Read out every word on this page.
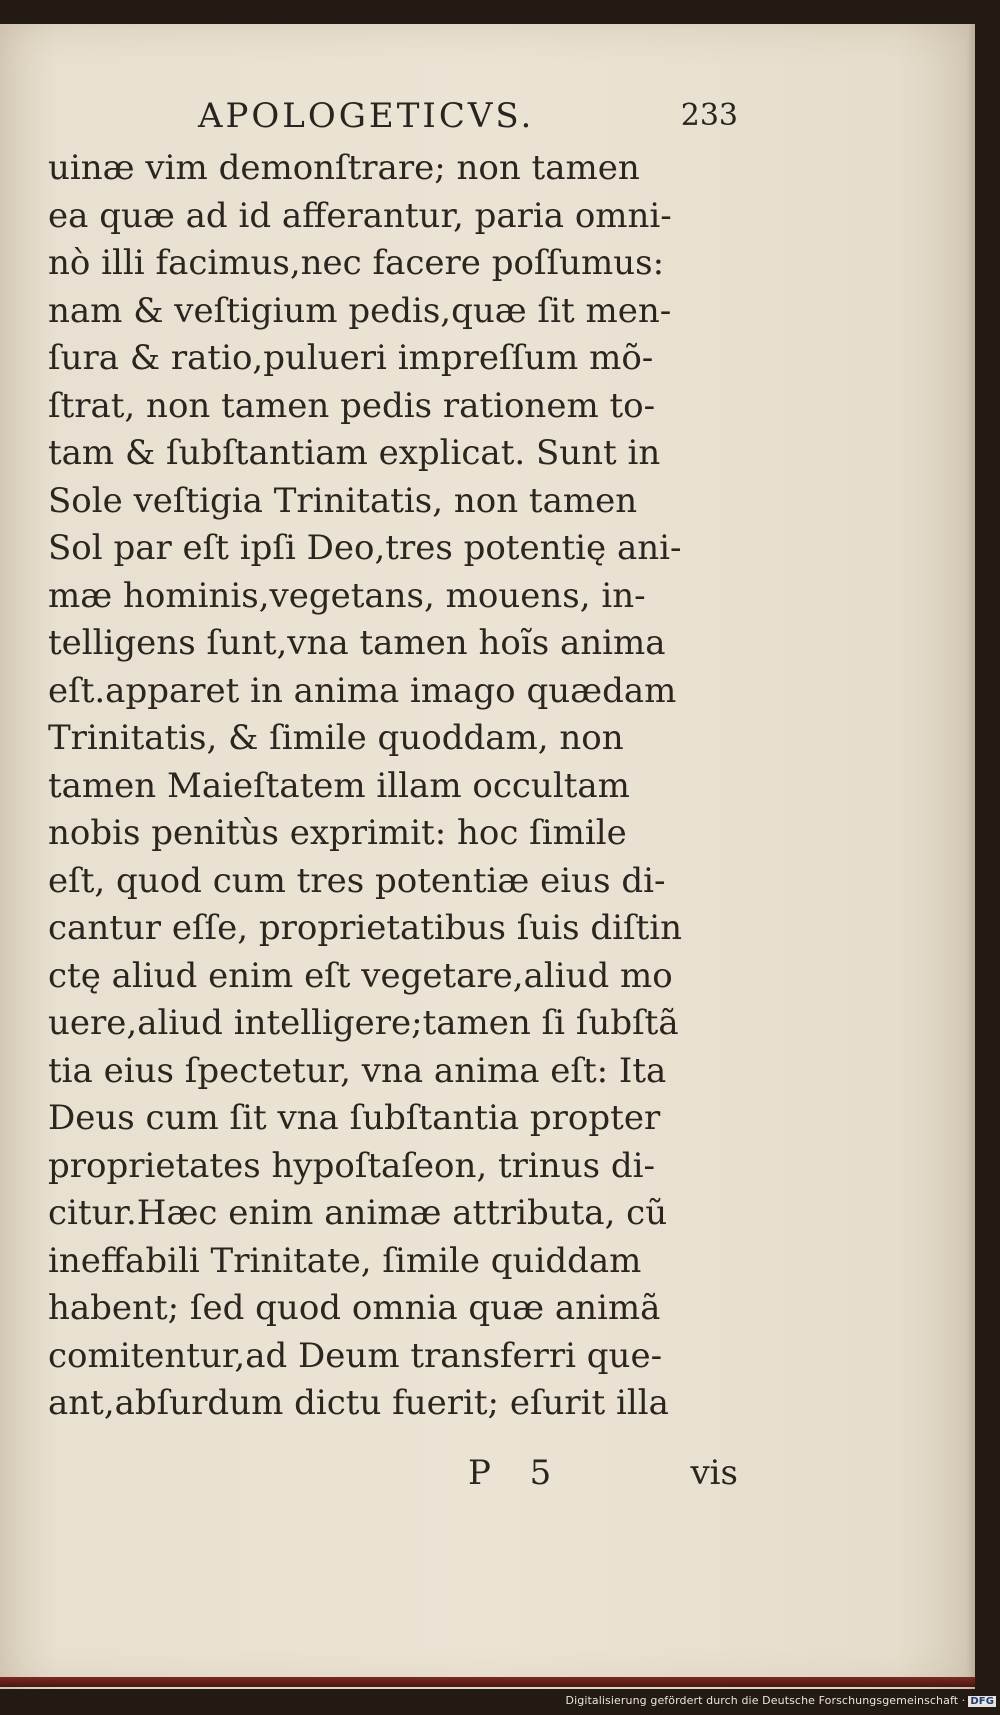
APOLOGETICVS.	233
uinæ vim demonſtrare; non tamen
ea quæ ad id afferantur, paria omni-
nò illi facimus,nec facere poſſumus:
nam & veſtigium pedis,quæ ſit men-
ſura & ratio,pulueri impreſſum mõ-
ſtrat, non tamen pedis rationem to-
tam & ſubſtantiam explicat. Sunt in
Sole veſtigia Trinitatis, non tamen
Sol par eſt ipſi Deo,tres potentię ani-
mæ hominis,vegetans, mouens, in-
telligens ſunt,vna tamen hoĩs anima
eſt.apparet in anima imago quædam
Trinitatis, & ſimile quoddam, non
tamen Maieſtatem illam occultam
nobis penitùs exprimit: hoc ſimile
eſt, quod cum tres potentiæ eius di-
cantur eſſe, proprietatibus ſuis diſtin
ctę aliud enim eſt vegetare,aliud mo
uere,aliud intelligere;tamen ſi ſubſtã
tia eius ſpectetur, vna anima eſt: Ita
Deus cum ſit vna ſubſtantia propter
proprietates hypoſtaſeon, trinus di-
citur.Hæc enim animæ attributa, cũ
ineffabili Trinitate, ſimile quiddam
habent; ſed quod omnia quæ animã
comitentur,ad Deum transferri que-
ant,abſurdum dictu fuerit; eſurit illa
P 5	vis
Digitalisierung gefördert durch die Deutsche Forschungsgemeinschaft · DFG
